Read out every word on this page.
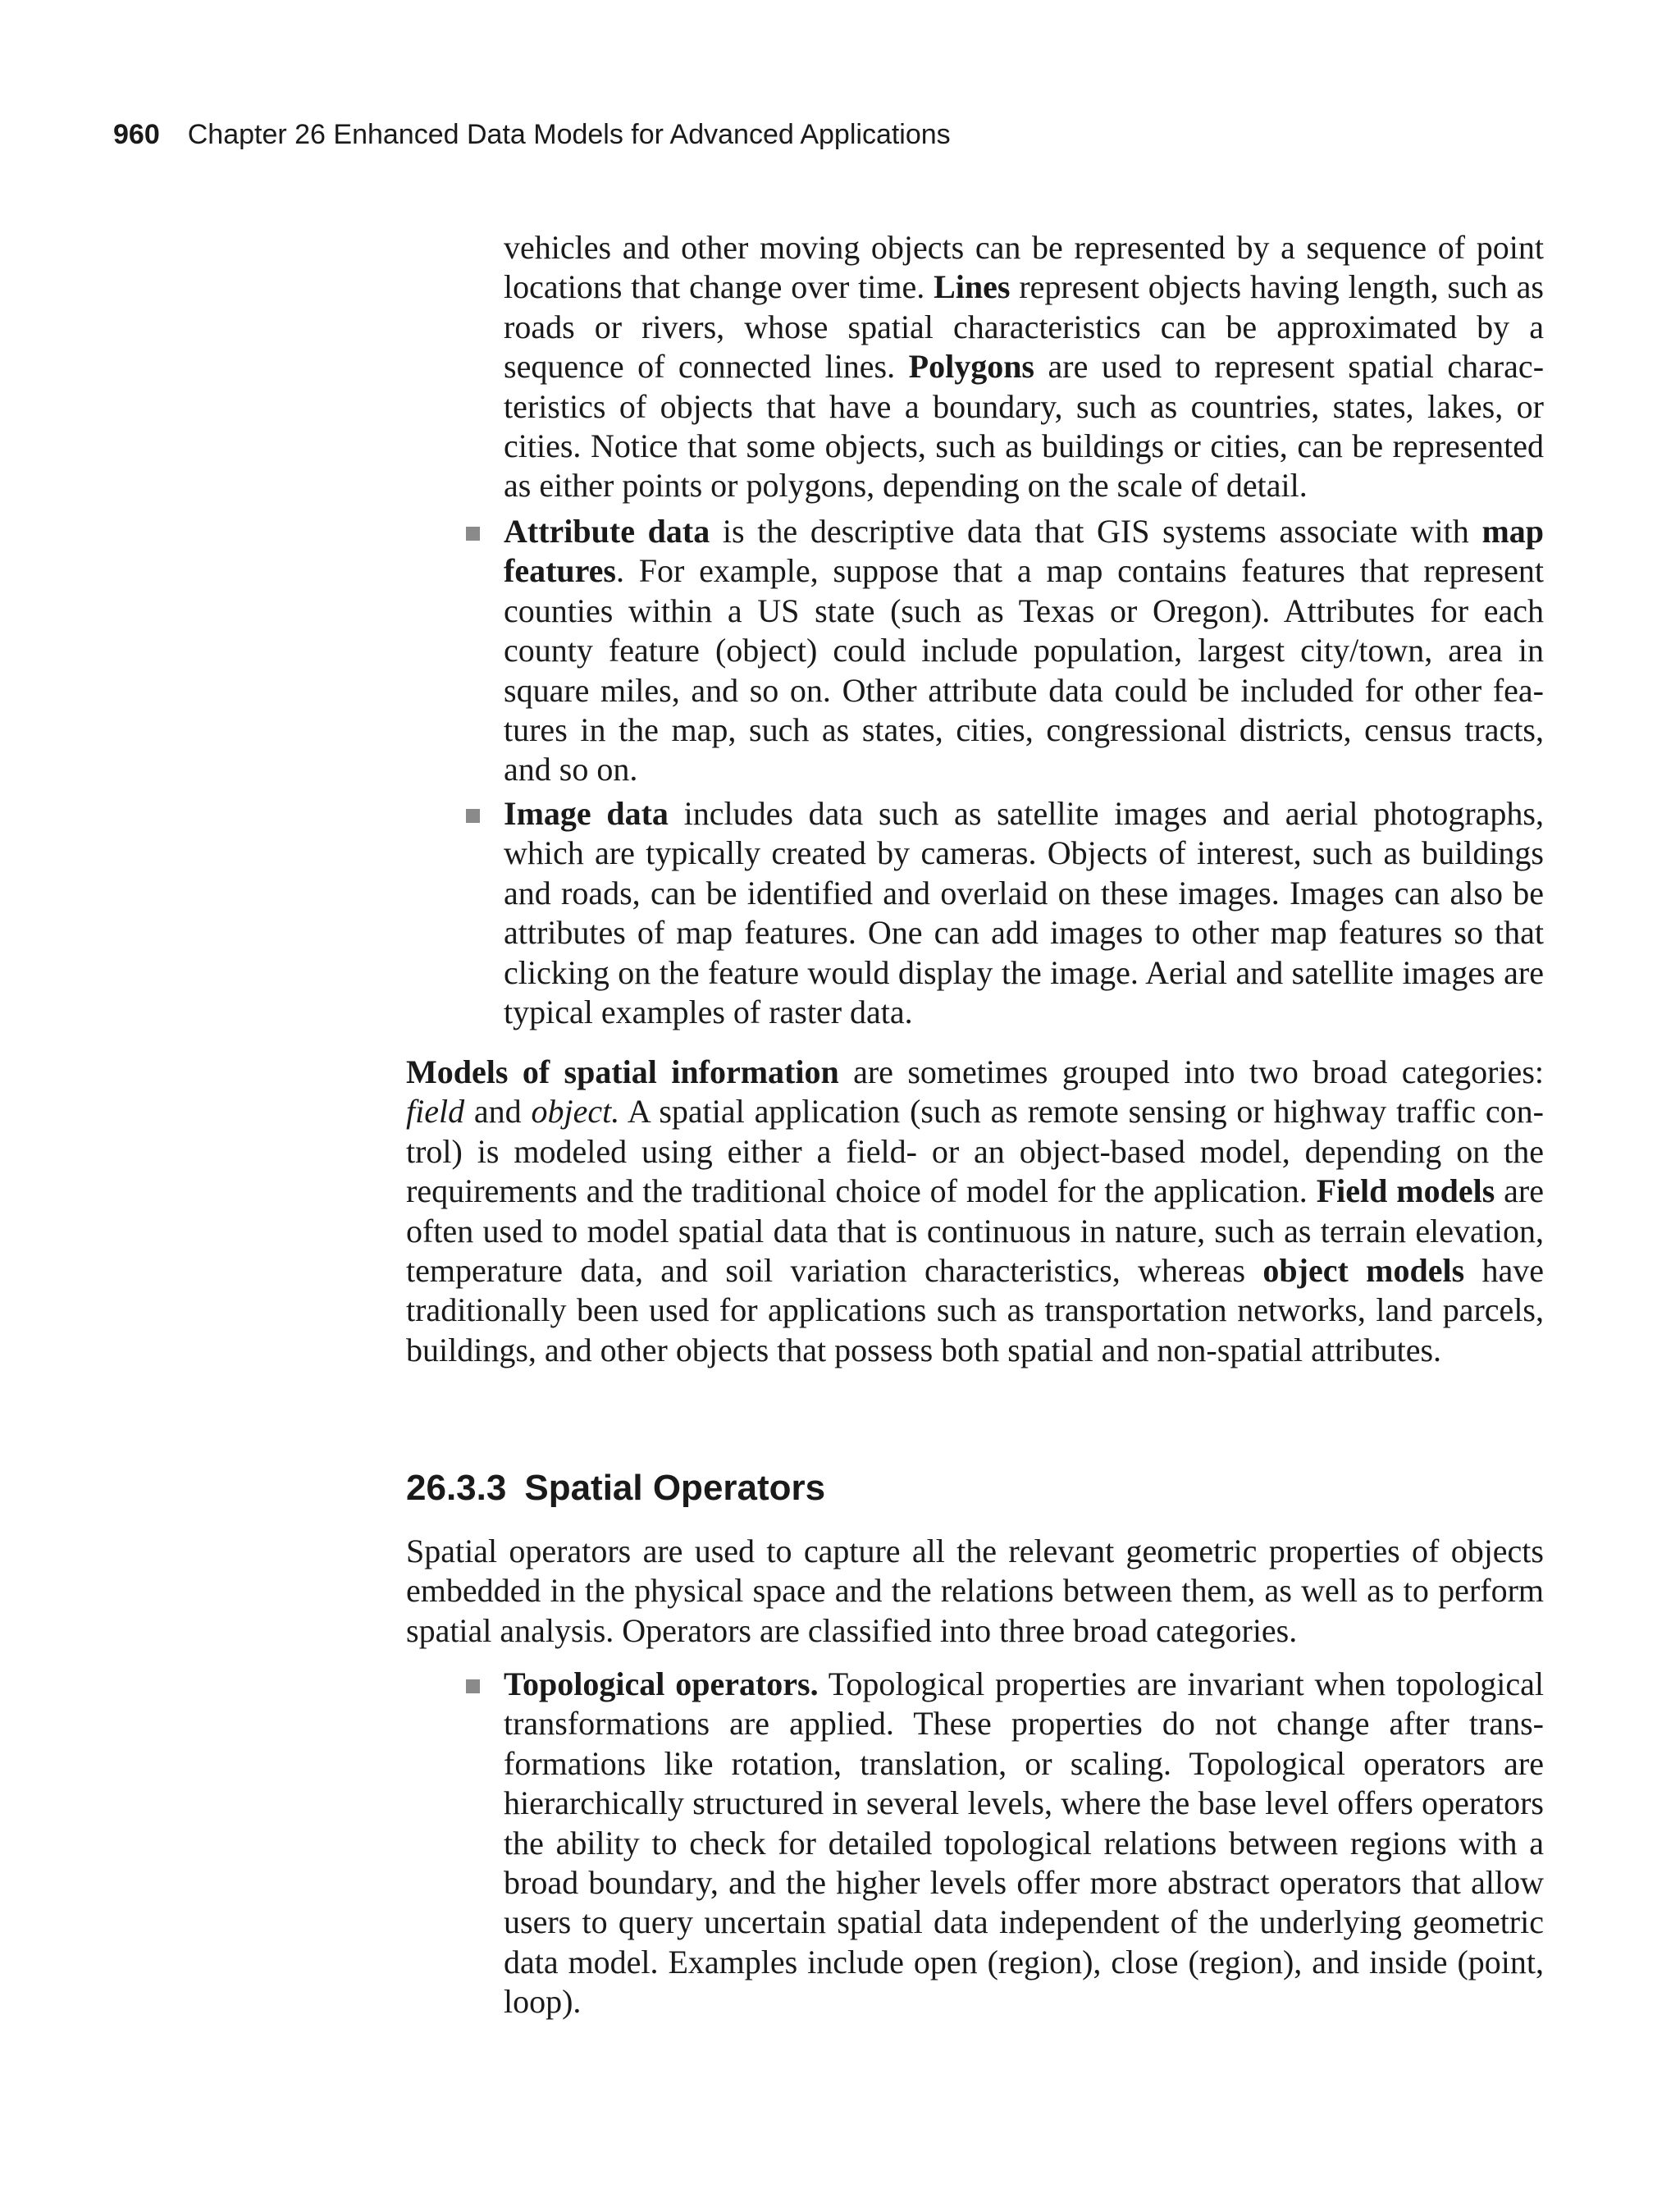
960 Chapter 26 Enhanced Data Models for Advanced Applications

vehicles and other moving objects can be represented by a sequence of point locations that change over time. Lines represent objects having length, such as roads or rivers, whose spatial characteristics can be approximated by a sequence of connected lines. Polygons are used to represent spatial characteristics of objects that have a boundary, such as countries, states, lakes, or cities. Notice that some objects, such as buildings or cities, can be represented as either points or polygons, depending on the scale of detail.

Attribute data is the descriptive data that GIS systems associate with map features. For example, suppose that a map contains features that represent counties within a US state (such as Texas or Oregon). Attributes for each county feature (object) could include population, largest city/town, area in square miles, and so on. Other attribute data could be included for other features in the map, such as states, cities, congressional districts, census tracts, and so on.

Image data includes data such as satellite images and aerial photographs, which are typically created by cameras. Objects of interest, such as buildings and roads, can be identified and overlaid on these images. Images can also be attributes of map features. One can add images to other map features so that clicking on the feature would display the image. Aerial and satellite images are typical examples of raster data.

Models of spatial information are sometimes grouped into two broad categories: field and object. A spatial application (such as remote sensing or highway traffic control) is modeled using either a field- or an object-based model, depending on the requirements and the traditional choice of model for the application. Field models are often used to model spatial data that is continuous in nature, such as terrain elevation, temperature data, and soil variation characteristics, whereas object models have traditionally been used for applications such as transportation networks, land parcels, buildings, and other objects that possess both spatial and non-spatial attributes.

26.3.3 Spatial Operators

Spatial operators are used to capture all the relevant geometric properties of objects embedded in the physical space and the relations between them, as well as to perform spatial analysis. Operators are classified into three broad categories.

Topological operators. Topological properties are invariant when topological transformations are applied. These properties do not change after transformations like rotation, translation, or scaling. Topological operators are hierarchically structured in several levels, where the base level offers operators the ability to check for detailed topological relations between regions with a broad boundary, and the higher levels offer more abstract operators that allow users to query uncertain spatial data independent of the underlying geometric data model. Examples include open (region), close (region), and inside (point, loop).
